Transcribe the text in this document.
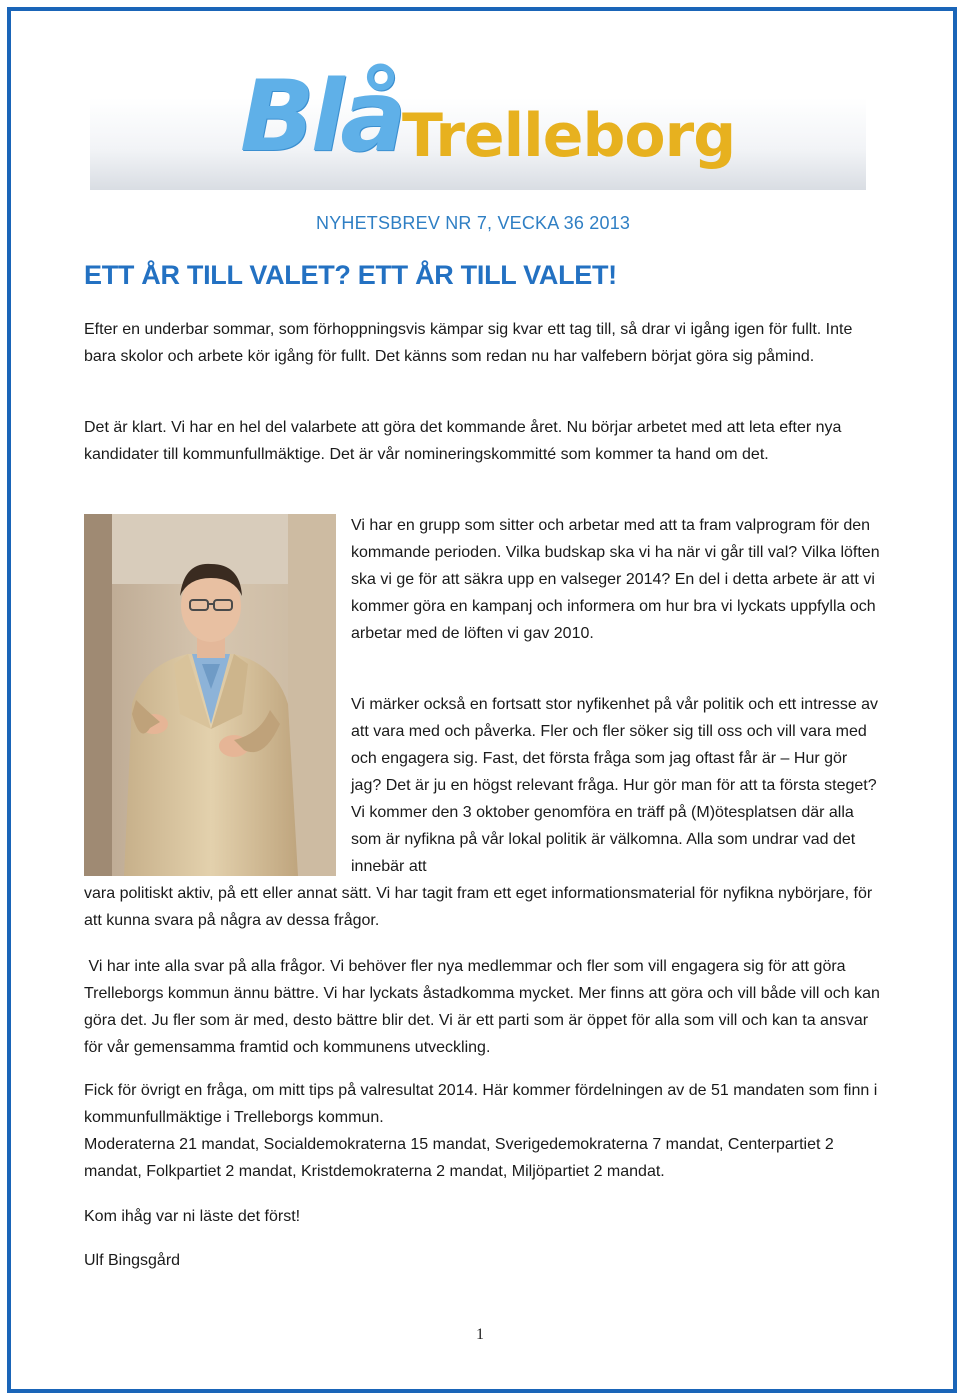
Blå Trelleborg
NYHETSBREV NR 7, VECKA 36 2013
ETT ÅR TILL VALET? ETT ÅR TILL VALET!

Efter en underbar sommar, som förhoppningsvis kämpar sig kvar ett tag till, så drar vi igång igen för fullt. Inte bara skolor och arbete kör igång för fullt. Det känns som redan nu har valfebern börjat göra sig påmind.

Det är klart. Vi har en hel del valarbete att göra det kommande året. Nu börjar arbetet med att leta efter nya kandidater till kommunfullmäktige. Det är vår nomineringskommitté som kommer ta hand om det.

Vi har en grupp som sitter och arbetar med att ta fram valprogram för den kommande perioden. Vilka budskap ska vi ha när vi går till val? Vilka löften ska vi ge för att säkra upp en valseger 2014? En del i detta arbete är att vi kommer göra en kampanj och informera om hur bra vi lyckats uppfylla och arbetar med de löften vi gav 2010.

Vi märker också en fortsatt stor nyfikenhet på vår politik och ett intresse av att vara med och påverka. Fler och fler söker sig till oss och vill vara med och engagera sig. Fast, det första fråga som jag oftast får är – Hur gör jag? Det är ju en högst relevant fråga. Hur gör man för att ta första steget? Vi kommer den 3 oktober genomföra en träff på (M)ötesplatsen där alla som är nyfikna på vår lokal politik är välkomna. Alla som undrar vad det innebär att

vara politiskt aktiv, på ett eller annat sätt. Vi har tagit fram ett eget informationsmaterial för nyfikna nybörjare, för att kunna svara på några av dessa frågor.

Vi har inte alla svar på alla frågor. Vi behöver fler nya medlemmar och fler som vill engagera sig för att göra Trelleborgs kommun ännu bättre. Vi har lyckats åstadkomma mycket. Mer finns att göra och vill både vill och kan göra det. Ju fler som är med, desto bättre blir det. Vi är ett parti som är öppet för alla som vill och kan ta ansvar för vår gemensamma framtid och kommunens utveckling.

Fick för övrigt en fråga, om mitt tips på valresultat 2014. Här kommer fördelningen av de 51 mandaten som finn i kommunfullmäktige i Trelleborgs kommun.

Moderaterna 21 mandat, Socialdemokraterna 15 mandat, Sverigedemokraterna 7 mandat, Centerpartiet 2 mandat, Folkpartiet 2 mandat, Kristdemokraterna 2 mandat, Miljöpartiet 2 mandat.

Kom ihåg var ni läste det först!

Ulf Bingsgård

1
